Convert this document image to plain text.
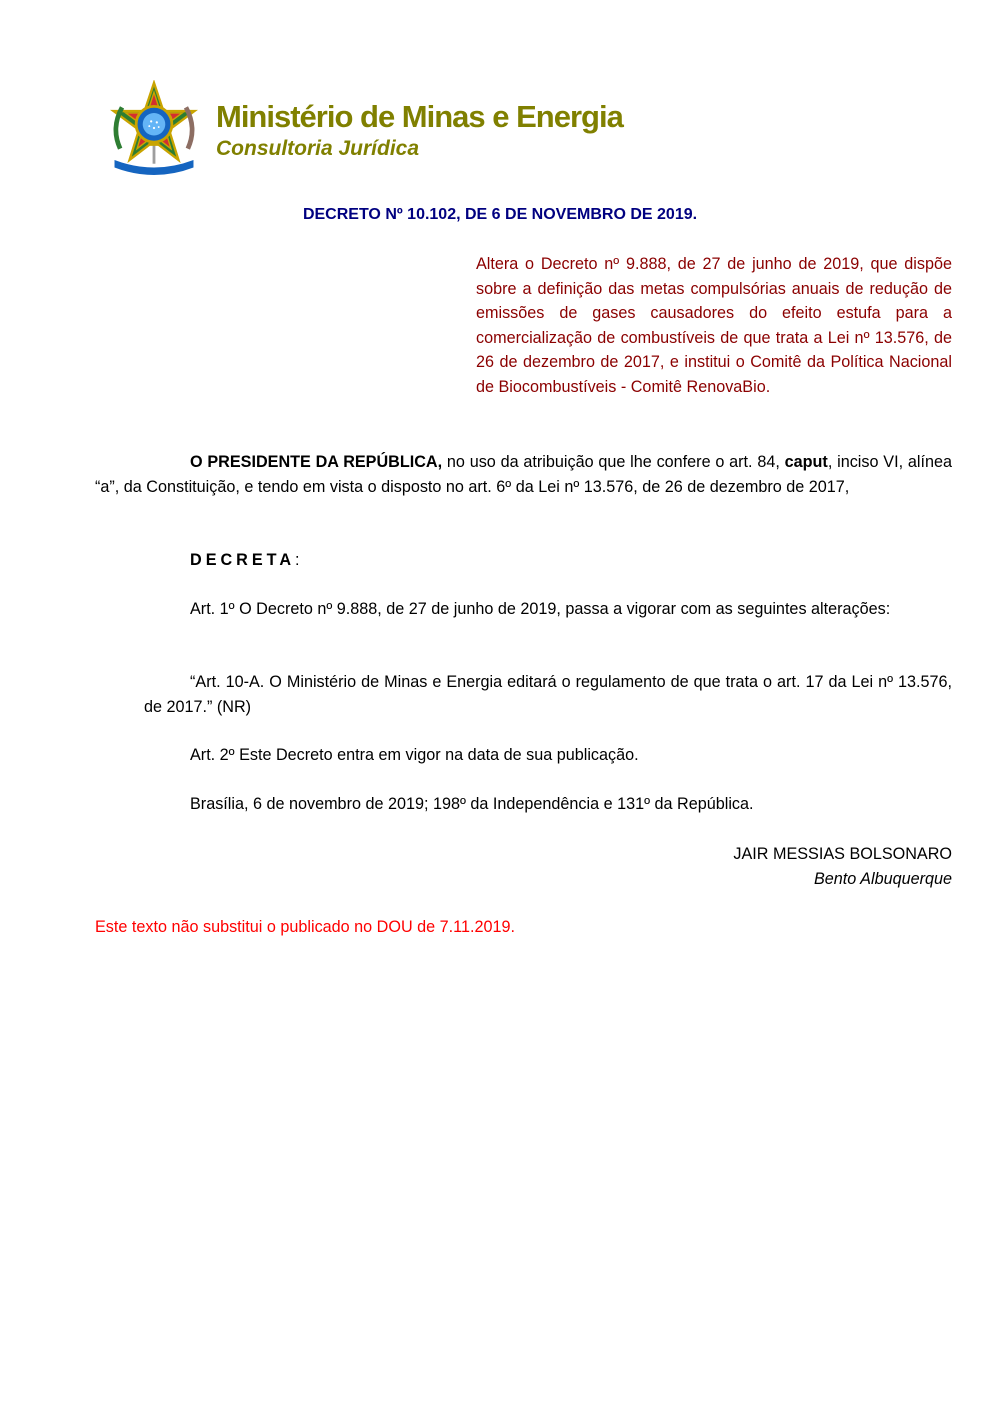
Ministério de Minas e Energia
Consultoria Jurídica
DECRETO Nº 10.102, DE 6 DE NOVEMBRO DE 2019.
Altera o Decreto nº 9.888, de 27 de junho de 2019, que dispõe sobre a definição das metas compulsórias anuais de redução de emissões de gases causadores do efeito estufa para a comercialização de combustíveis de que trata a Lei nº 13.576, de 26 de dezembro de 2017, e institui o Comitê da Política Nacional de Biocombustíveis - Comitê RenovaBio.
O PRESIDENTE DA REPÚBLICA, no uso da atribuição que lhe confere o art. 84, caput, inciso VI, alínea “a”, da Constituição, e tendo em vista o disposto no art. 6º da Lei nº 13.576, de 26 de dezembro de 2017,
DECRETA:
Art. 1º O Decreto nº 9.888, de 27 de junho de 2019, passa a vigorar com as seguintes alterações:
“Art. 10-A. O Ministério de Minas e Energia editará o regulamento de que trata o art. 17 da Lei nº 13.576, de 2017.” (NR)
Art. 2º Este Decreto entra em vigor na data de sua publicação.
Brasília, 6 de novembro de 2019; 198º da Independência e 131º da República.
JAIR MESSIAS BOLSONARO
Bento Albuquerque
Este texto não substitui o publicado no DOU de 7.11.2019.
